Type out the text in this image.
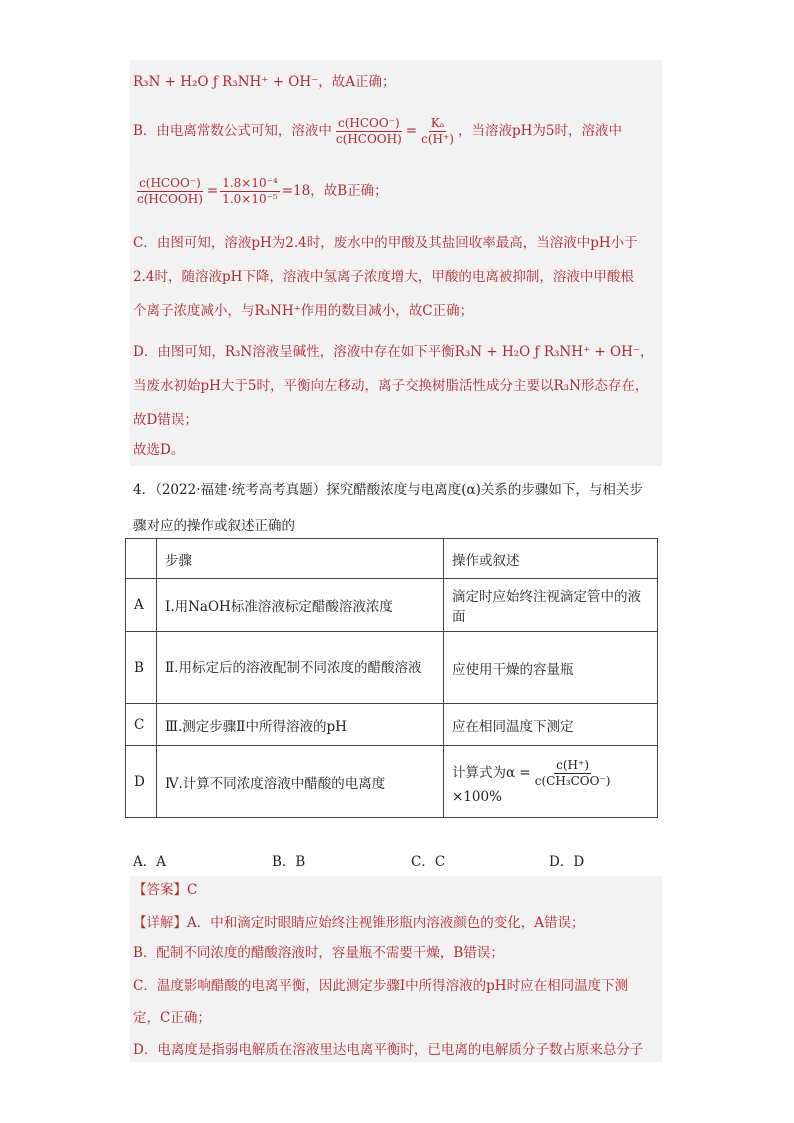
R₃N + H₂O ƒ R₃NH⁺ + OH⁻，故A正确；
B．由电离常数公式可知，溶液中 $\frac{\text{c(HCOO⁻)}}{\text{c(HCOOH)}} = \frac{\text{Kₐ}}{c(H^+)}$ ，当溶液pH为5时，溶液中
$\frac{\text{c(HCOO⁻)}}{\text{c(HCOOH)}} = \frac{\text{1.8×10⁻⁴}}{\text{1.0×10⁻⁵}} =18$，故B正确；
C．由图可知，溶液pH为2.4时，废水中的甲酸及其盐回收率最高，当溶液中pH小于
2.4时，随溶液pH下降，溶液中氢离子浓度增大，甲酸的电离被抑制，溶液中甲酸根
个离子浓度减小，与R₃NH⁺作用的数目减小，故C正确；
D．由图可知，R₃N溶液呈碱性，溶液中存在如下平衡R₃N + H₂O ƒ R₃NH⁺ + OH⁻，
当废水初始pH大于5时，平衡向左移动，离子交换树脂活性成分主要以R₃N形态存在，
故D错误；
故选D。
4．（2022·福建·统考高考真题）探究醋酸浓度与电离度(α)关系的步骤如下，与相关步
骤对应的操作或叙述正确的
	步骤	操作或叙述
A	Ⅰ.用NaOH标准溶液标定醋酸溶液浓度	滴定时应始终注视滴定管中的液面
B	Ⅱ.用标定后的溶液配制不同浓度的醋酸溶液	应使用干燥的容量瓶
C	Ⅲ.测定步骤Ⅱ中所得溶液的pH	应在相同温度下测定
D	Ⅳ.计算不同浓度溶液中醋酸的电离度	计算式为$\alpha = \frac{c(H^+)}{\text{c(CH₃COO⁻)}}$
×100%
A．A	B．B	C．C	D．D
【答案】C
【详解】A．中和滴定时眼睛应始终注视锥形瓶内溶液颜色的变化，A错误；
B．配制不同浓度的醋酸溶液时，容量瓶不需要干燥，B错误；
C．温度影响醋酸的电离平衡，因此测定步骤Ⅰ中所得溶液的pH时应在相同温度下测
定，C正确；
D．电离度是指弱电解质在溶液里达电离平衡时，已电离的电解质分子数占原来总分子
